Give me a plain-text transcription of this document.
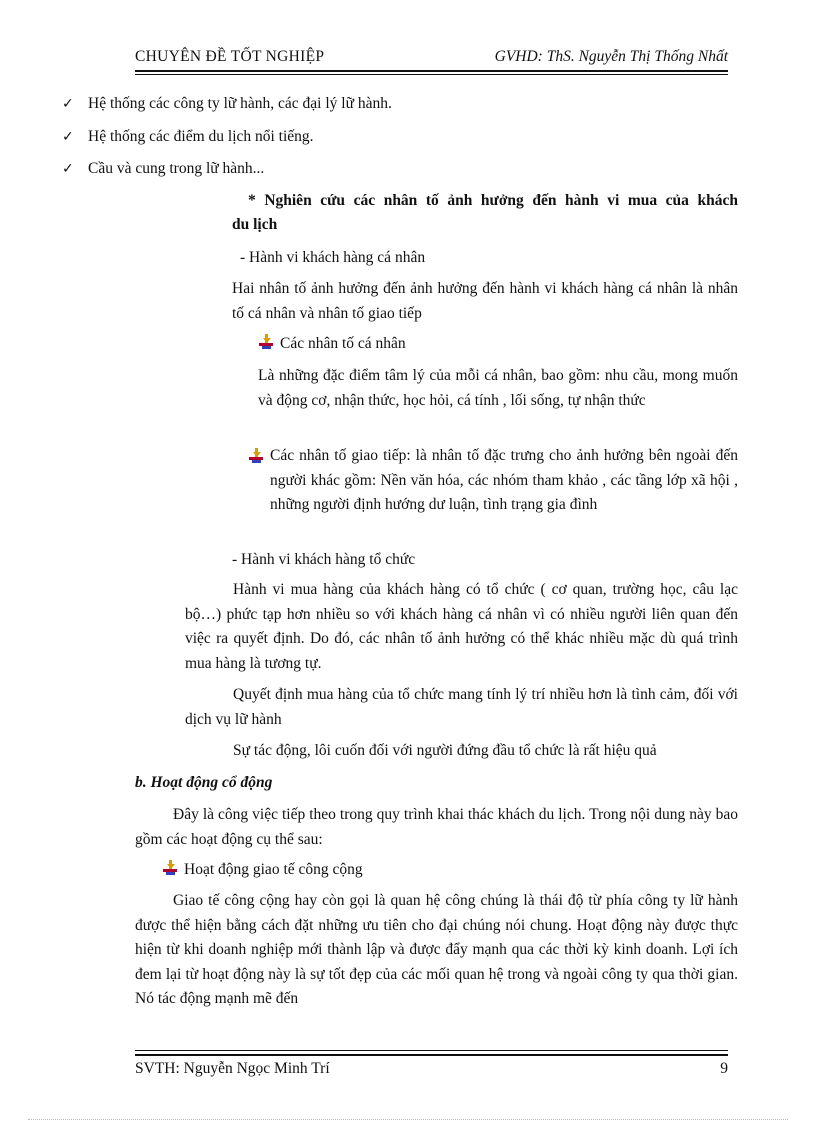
CHUYÊN ĐỀ TỐT NGHIỆP	GVHD: ThS. Nguyễn Thị Thống Nhất
✓ Hệ thống các công ty lữ hành, các đại lý lữ hành.
✓ Hệ thống các điểm du lịch nổi tiếng.
✓ Cầu và cung trong lữ hành...
* Nghiên cứu các nhân tố ảnh hưởng đến hành vi mua của khách
du lịch
- Hành vi khách hàng cá nhân
Hai nhân tố ảnh hưởng đến ảnh hưởng đến hành vi khách hàng cá nhân là nhân tố cá nhân và nhân tố giao tiếp
Các nhân tố cá nhân
Là những đặc điểm tâm lý của mỗi cá nhân, bao gồm: nhu cầu, mong muốn và động cơ, nhận thức, học hỏi, cá tính , lối sống, tự nhận thức
Các nhân tố giao tiếp: là nhân tố đặc trưng cho ảnh hưởng bên ngoài đến người khác gồm: Nền văn hóa, các nhóm tham khảo , các tầng lớp xã hội , những người định hướng dư luận, tình trạng gia đình
- Hành vi khách hàng tổ chức
Hành vi mua hàng của khách hàng có tổ chức ( cơ quan, trường học, câu lạc bộ…) phức tạp hơn nhiều so với khách hàng cá nhân vì có nhiều người liên quan đến việc ra quyết định. Do đó, các nhân tố ảnh hưởng có thể khác nhiều mặc dù quá trình mua hàng là tương tự.
Quyết định mua hàng của tổ chức mang tính lý trí nhiều hơn là tình cảm, đối với dịch vụ lữ hành
Sự tác động, lôi cuốn đối với người đứng đầu tổ chức là rất hiệu quả
b. Hoạt động cổ động
Đây là công việc tiếp theo trong quy trình khai thác khách du lịch. Trong nội dung này bao gồm các hoạt động cụ thể sau:
Hoạt động giao tế công cộng
Giao tế công cộng hay còn gọi là quan hệ công chúng là thái độ từ phía công ty lữ hành được thể hiện bằng cách đặt những ưu tiên cho đại chúng nói chung. Hoạt động này được thực hiện từ khi doanh nghiệp mới thành lập và được đẩy mạnh qua các thời kỳ kinh doanh. Lợi ích đem lại từ hoạt động này là sự tốt đẹp của các mối quan hệ trong và ngoài công ty qua thời gian. Nó tác động mạnh mẽ đến
SVTH: Nguyễn Ngọc Minh Trí	9
